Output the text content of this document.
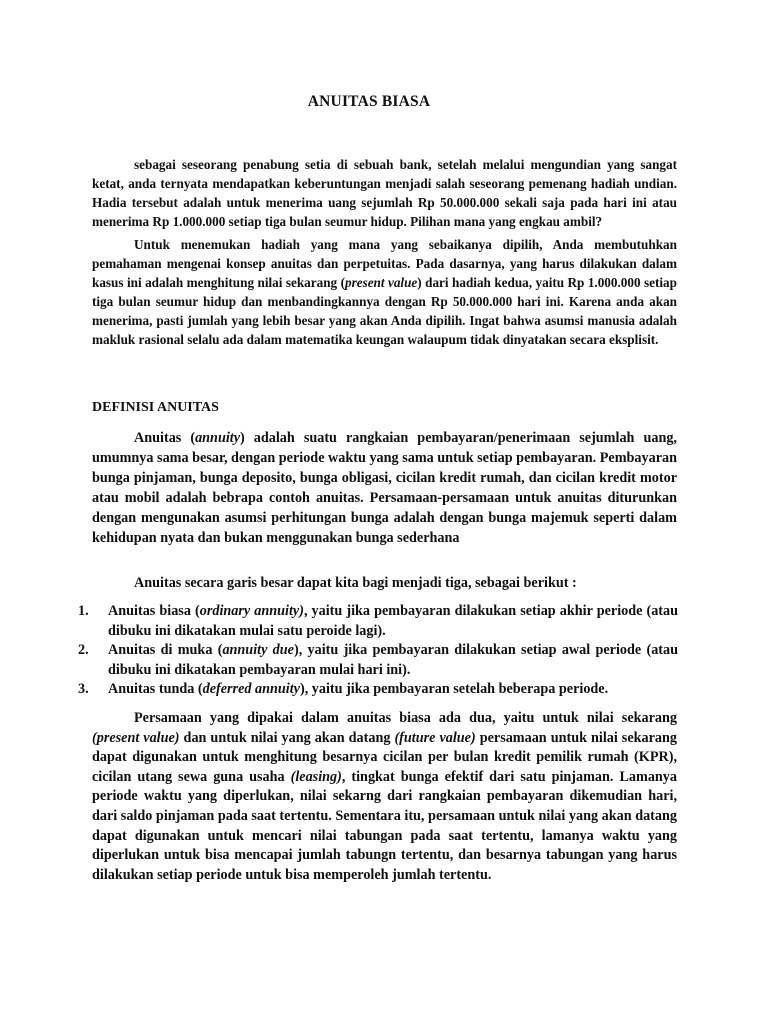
ANUITAS BIASA
sebagai seseorang penabung setia di sebuah bank, setelah melalui mengundian yang sangat ketat, anda ternyata mendapatkan keberuntungan menjadi salah seseorang pemenang hadiah undian. Hadia tersebut adalah untuk menerima uang sejumlah Rp 50.000.000 sekali saja pada hari ini atau menerima Rp 1.000.000 setiap tiga bulan seumur hidup. Pilihan mana yang engkau ambil?
Untuk menemukan hadiah yang mana yang sebaikanya dipilih, Anda membutuhkan pemahaman mengenai konsep anuitas dan perpetuitas. Pada dasarnya, yang harus dilakukan dalam kasus ini adalah menghitung nilai sekarang (present value) dari hadiah kedua, yaitu Rp 1.000.000 setiap tiga bulan seumur hidup dan menbandingkannya dengan Rp 50.000.000 hari ini. Karena anda akan menerima, pasti jumlah yang lebih besar yang akan Anda dipilih. Ingat bahwa asumsi manusia adalah makluk rasional selalu ada dalam matematika keungan walaupum tidak dinyatakan secara eksplisit.
DEFINISI ANUITAS
Anuitas (annuity) adalah suatu rangkaian pembayaran/penerimaan sejumlah uang, umumnya sama besar, dengan periode waktu yang sama untuk setiap pembayaran. Pembayaran bunga pinjaman, bunga deposito, bunga obligasi, cicilan kredit rumah, dan cicilan kredit motor atau mobil adalah bebrapa contoh anuitas. Persamaan-persamaan untuk anuitas diturunkan dengan mengunakan asumsi perhitungan bunga adalah dengan bunga majemuk seperti dalam kehidupan nyata dan bukan menggunakan bunga sederhana
Anuitas secara garis besar dapat kita bagi menjadi tiga, sebagai berikut :
1. Anuitas biasa (ordinary annuity), yaitu jika pembayaran dilakukan setiap akhir periode (atau dibuku ini dikatakan mulai satu peroide lagi).
2. Anuitas di muka (annuity due), yaitu jika pembayaran dilakukan setiap awal periode (atau dibuku ini dikatakan pembayaran mulai hari ini).
3. Anuitas tunda (deferred annuity), yaitu jika pembayaran setelah beberapa periode.
Persamaan yang dipakai dalam anuitas biasa ada dua, yaitu untuk nilai sekarang (present value) dan untuk nilai yang akan datang (future value) persamaan untuk nilai sekarang dapat digunakan untuk menghitung besarnya cicilan per bulan kredit pemilik rumah (KPR), cicilan utang sewa guna usaha (leasing), tingkat bunga efektif dari satu pinjaman. Lamanya periode waktu yang diperlukan, nilai sekarng dari rangkaian pembayaran dikemudian hari, dari saldo pinjaman pada saat tertentu. Sementara itu, persamaan untuk nilai yang akan datang dapat digunakan untuk mencari nilai tabungan pada saat tertentu, lamanya waktu yang diperlukan untuk bisa mencapai jumlah tabungn tertentu, dan besarnya tabungan yang harus dilakukan setiap periode untuk bisa memperoleh jumlah tertentu.
